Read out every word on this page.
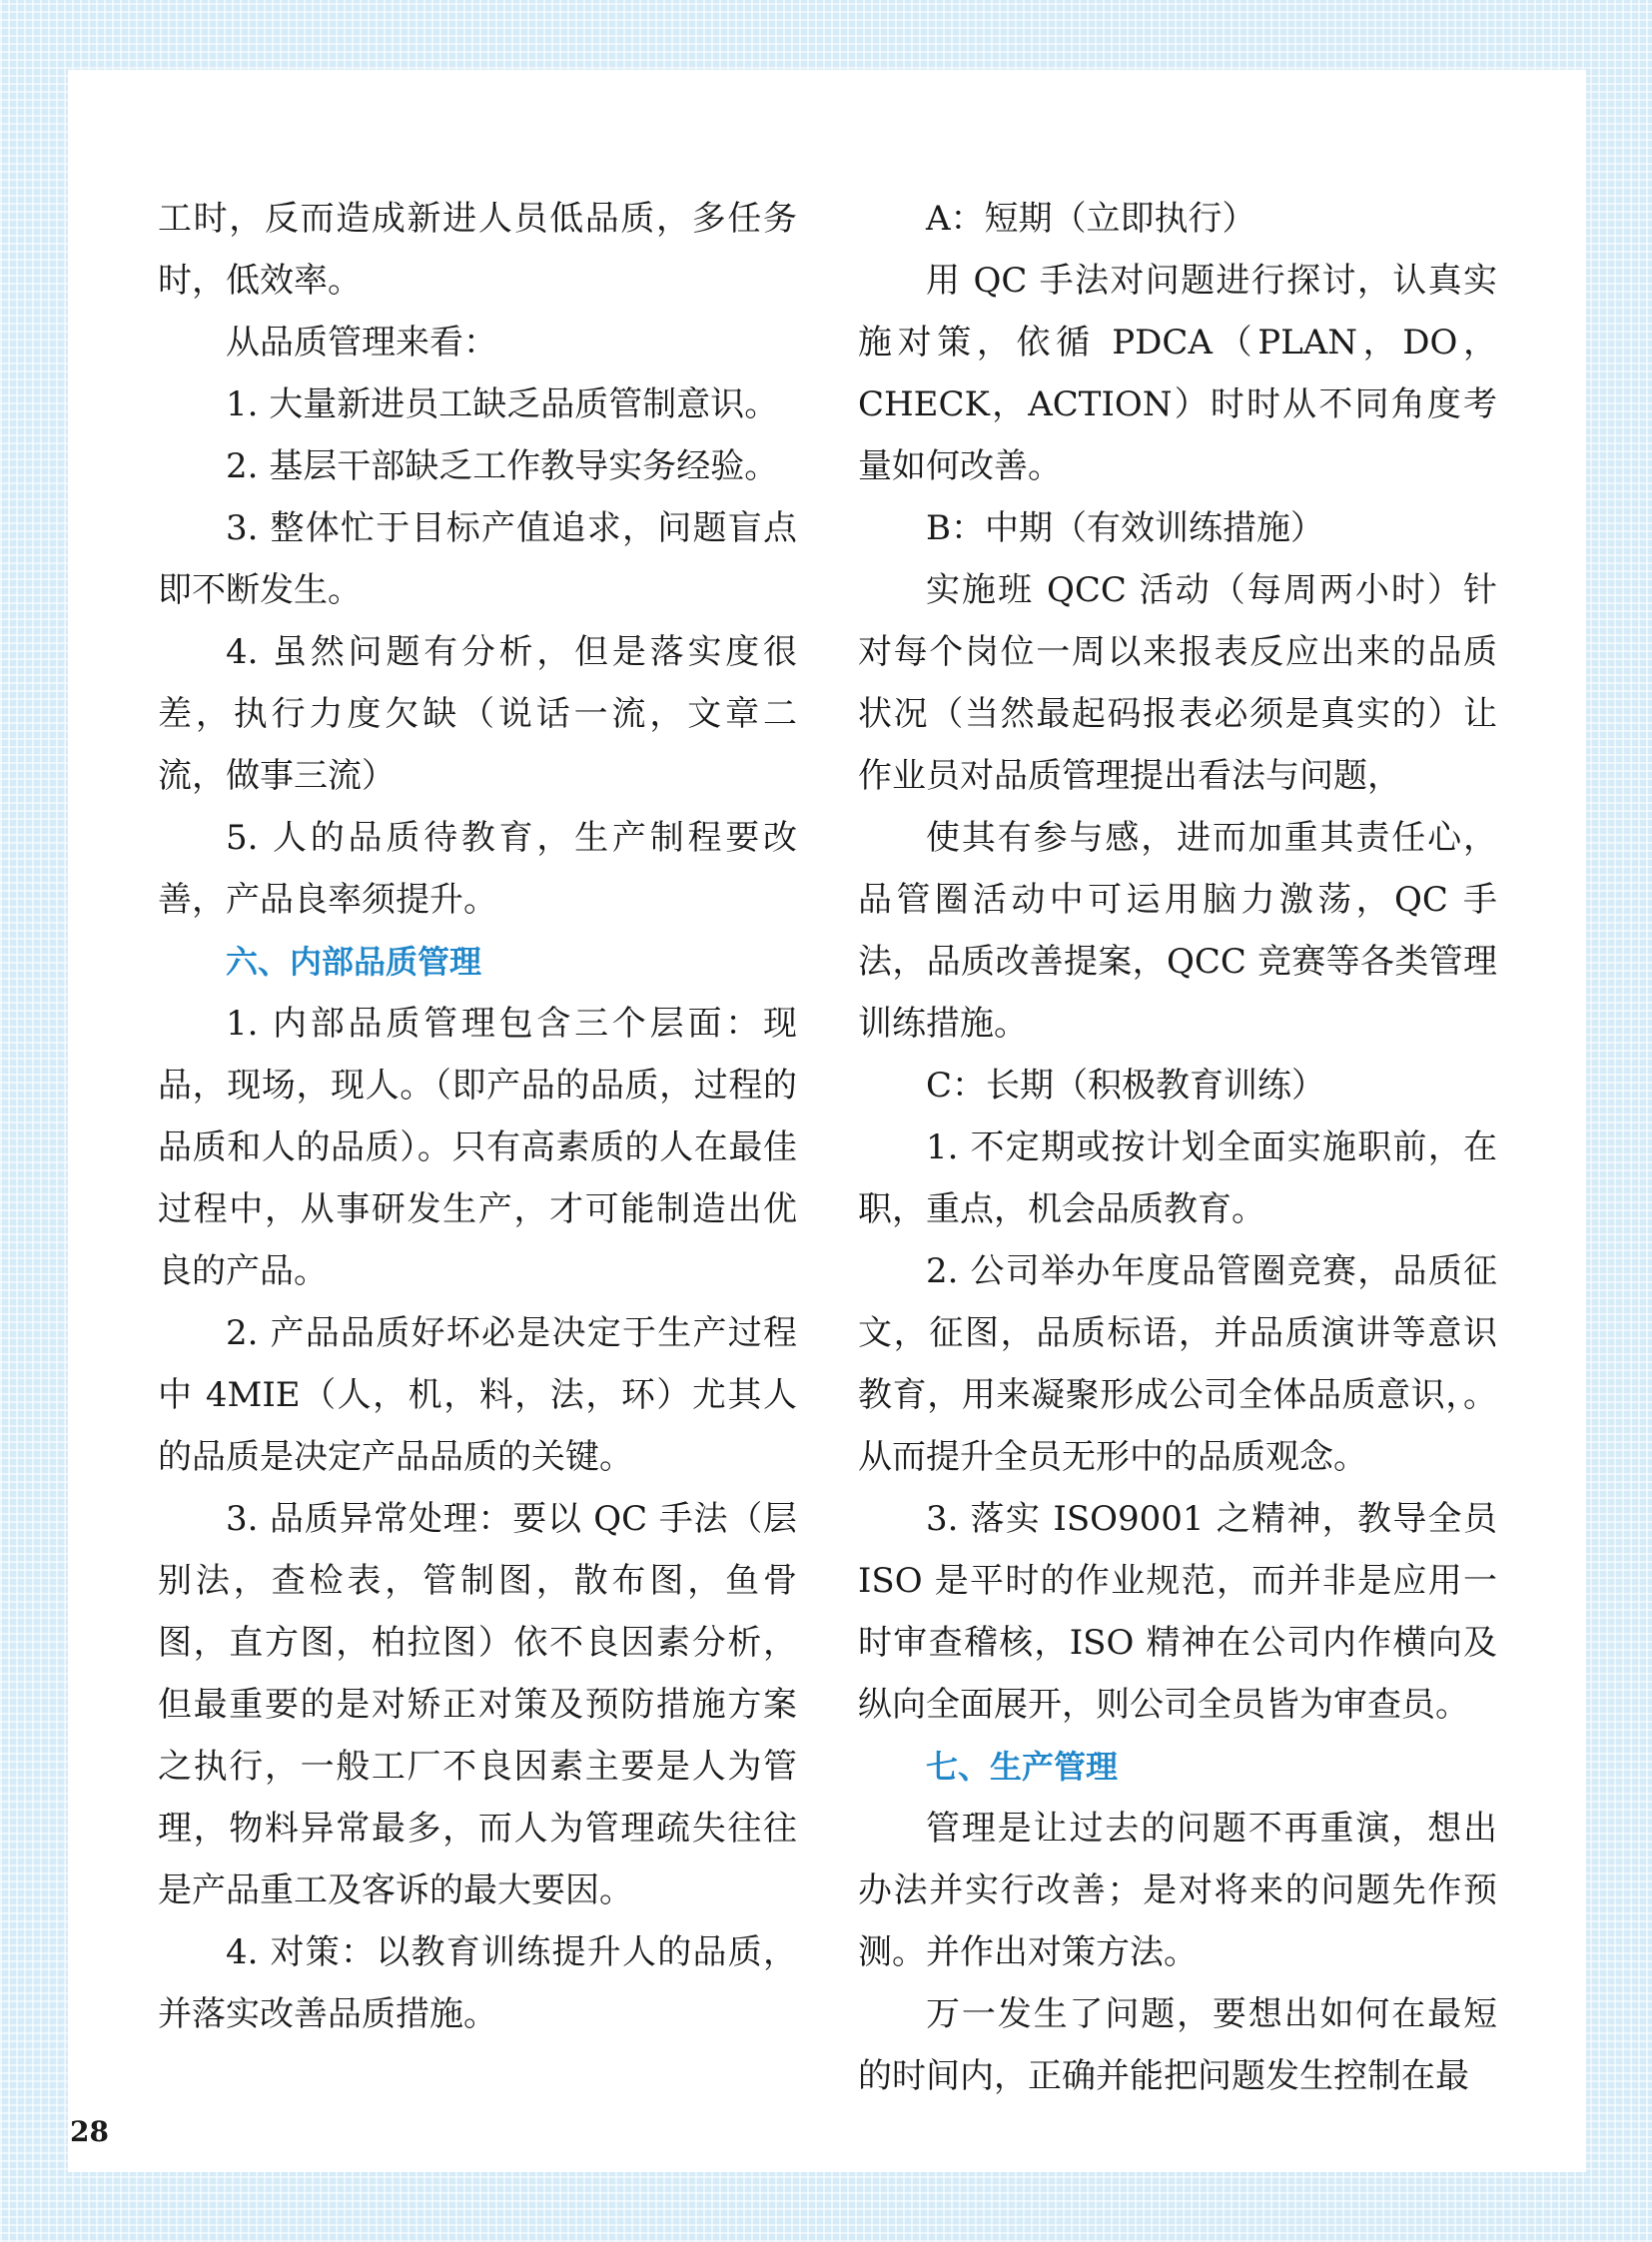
工时，反而造成新进人员低品质，多任务时，低效率。

从品质管理来看：

1. 大量新进员工缺乏品质管制意识。

2. 基层干部缺乏工作教导实务经验。

3. 整体忙于目标产值追求，问题盲点即不断发生。

4. 虽然问题有分析，但是落实度很差，执行力度欠缺（说话一流，文章二流，做事三流）

5. 人的品质待教育，生产制程要改善，产品良率须提升。

六、内部品质管理

1. 内部品质管理包含三个层面：现品，现场，现人。（即产品的品质，过程的品质和人的品质）。只有高素质的人在最佳过程中，从事研发生产，才可能制造出优良的产品。

2. 产品品质好坏必是决定于生产过程中 4MIE（人，机，料，法，环）尤其人的品质是决定产品品质的关键。

3. 品质异常处理：要以 QC 手法（层别法，查检表，管制图，散布图，鱼骨图，直方图，柏拉图）依不良因素分析，但最重要的是对矫正对策及预防措施方案之执行，一般工厂不良因素主要是人为管理，物料异常最多，而人为管理疏失往往是产品重工及客诉的最大要因。

4. 对策：以教育训练提升人的品质，并落实改善品质措施。

A：短期（立即执行）

用 QC 手法对问题进行探讨，认真实施对策，依循 PDCA（PLAN，DO，CHECK，ACTION）时时从不同角度考量如何改善。

B：中期（有效训练措施）

实施班 QCC 活动（每周两小时）针对每个岗位一周以来报表反应出来的品质状况（当然最起码报表必须是真实的）让作业员对品质管理提出看法与问题，

使其有参与感，进而加重其责任心，品管圈活动中可运用脑力激荡，QC 手法，品质改善提案，QCC 竞赛等各类管理训练措施。

C：长期（积极教育训练）

1. 不定期或按计划全面实施职前，在职，重点，机会品质教育。

2. 公司举办年度品管圈竞赛，品质征文，征图，品质标语，并品质演讲等意识教育，用来凝聚形成公司全体品质意识，。从而提升全员无形中的品质观念。

3. 落实 ISO9001 之精神，教导全员 ISO 是平时的作业规范，而并非是应用一时审查稽核，ISO 精神在公司内作横向及纵向全面展开，则公司全员皆为审查员。

七、生产管理

管理是让过去的问题不再重演，想出办法并实行改善；是对将来的问题先作预测。并作出对策方法。

万一发生了问题，要想出如何在最短的时间内，正确并能把问题发生控制在最

28
